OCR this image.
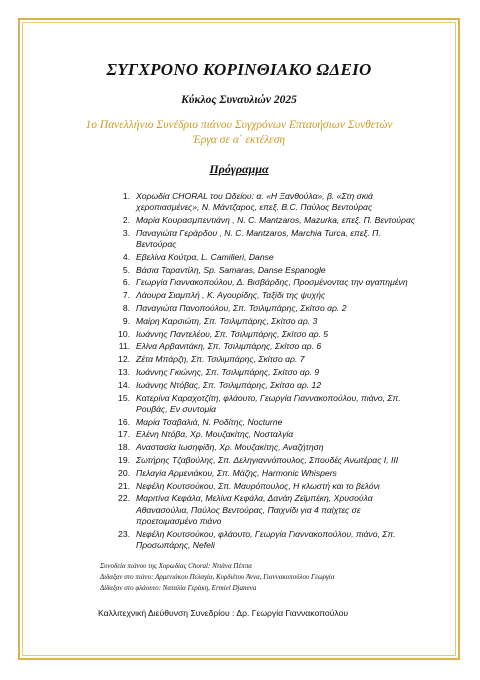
ΣΥΓΧΡΟΝΟ ΚΟΡΙΝΘΙΑΚΟ ΩΔΕΙΟ
Κύκλος Συναυλιών 2025
1ο Πανελλήνιο Συνέδριο πιάνου Συγχρόνων Επταυήσιων Συνθετών
Έργα σε α΄ εκτέλεση
Πρόγραμμα
1. Χορωδία CHORAL του Ωδείου: α. «Η Ξανθούλα», β. «Στη σκιά χεροπιασμένες», Ν. Μάντζαρος, επεξ. Β.C. Παύλος Βεντούρας
2. Μαρία Κουρασμπεντιάνη , N. C. Mantzaros, Mazurka, επεξ. Π. Βεντούρας
3. Παναγιώτα Γεράρδου , N. C. Mantzaros, Marchia Turca, επεξ. Π. Βεντούρας
4. Εβελίνα Κούτρα, L. Camilieri, Danse
5. Βάσια Ταραντίλη, Sp. Samaras, Danse Espanogle
6. Γεωργία Γιαννακοπούλου, Δ. Βισβάρδης, Προσμένοντας την αγαπημένη
7. Λάουρα Σιαμπλή , Κ. Αγουρίδης, Ταξίδι της ψυχής
8. Παναγιώτα Πανοπούλου, Σπ. Τσιλιμπάρης, Σκίτσο αρ. 2
9. Μαίρη Καρσιώτη, Σπ. Τσιλιμπάρης, Σκίτσο αρ. 3
10. Ιωάννης Παντελέου, Σπ. Τσιλιμπάρης, Σκίτσο αρ. 5
11. Ελίνα Αρβανιτάκη, Σπ. Τσιλιμπάρης, Σκίτσο αρ. 6
12. Ζέτα Μπάρζη, Σπ. Τσιλιμπάρης, Σκίτσο αρ. 7
13. Ιωάννης Γκιώνης, Σπ. Τσιλιμπάρης, Σκίτσο αρ. 9
14. Ιωάννης Ντόβας, Σπ. Τσιλιμπάρης, Σκίτσο αρ. 12
15. Κατερίνα Καραχοτζίτη, φλάουτο, Γεωργία Γιαννακοπούλου, πιάνο, Σπ. Ρουβάς, Εν συντομία
16. Μαρία Τσαβαλιά, Ν. Ροδίτης, Nocturne
17. Ελένη Ντόβα, Χρ. Μουζακίτης, Νοσταλγία
18. Αναστασία Ιωσηφίδη, Χρ. Μουζακίτης, Αναζήτηση
19. Σωτήρης Τζαβούλης, Σπ. Δεληγιαννόπουλος, Σπουδές Ανωτέρας Ι, ΙΙΙ
20. Πελαγία Αρμενιάκου, Σπ. Μάζης, Harmonic Whispers
21. Νεφέλη Κουτσούκου, Σπ. Μαυρόπουλος, Η κλωστή και το βελόνι
22. Μαριτίνα Κεφάλα, Μελίνα Κεφάλα, Δανάη Ζεϊμπέκη, Χρυσούλα Αθανασούλια, Παύλος Βεντούρας, Παιχνίδι για 4 παίχτες σε προετοιμασμένο πιάνο
23. Νεφέλη Κουτσούκου, φλάουτο, Γεωργία Γιαννακοπούλου, πιάνο, Σπ. Προσωπάρης, Nefeli
Συνοδεία πιάνου της Χορωδίας Choral: Ντιάνα Πέππα
Διδαξαν στο πιάνο: Αρμενιάκου Πελαγία, Κυρδιέτου Άννα, Γιαννακοπούλου Γεωργία
Δίδαξαν στο φλάουτο: Ναταλία Γεράκη, Ermiel Djaneva
Καλλιτεχνική Διεύθυνση Συνεδρίου : Δρ. Γεωργία Γιαννακοπούλου
